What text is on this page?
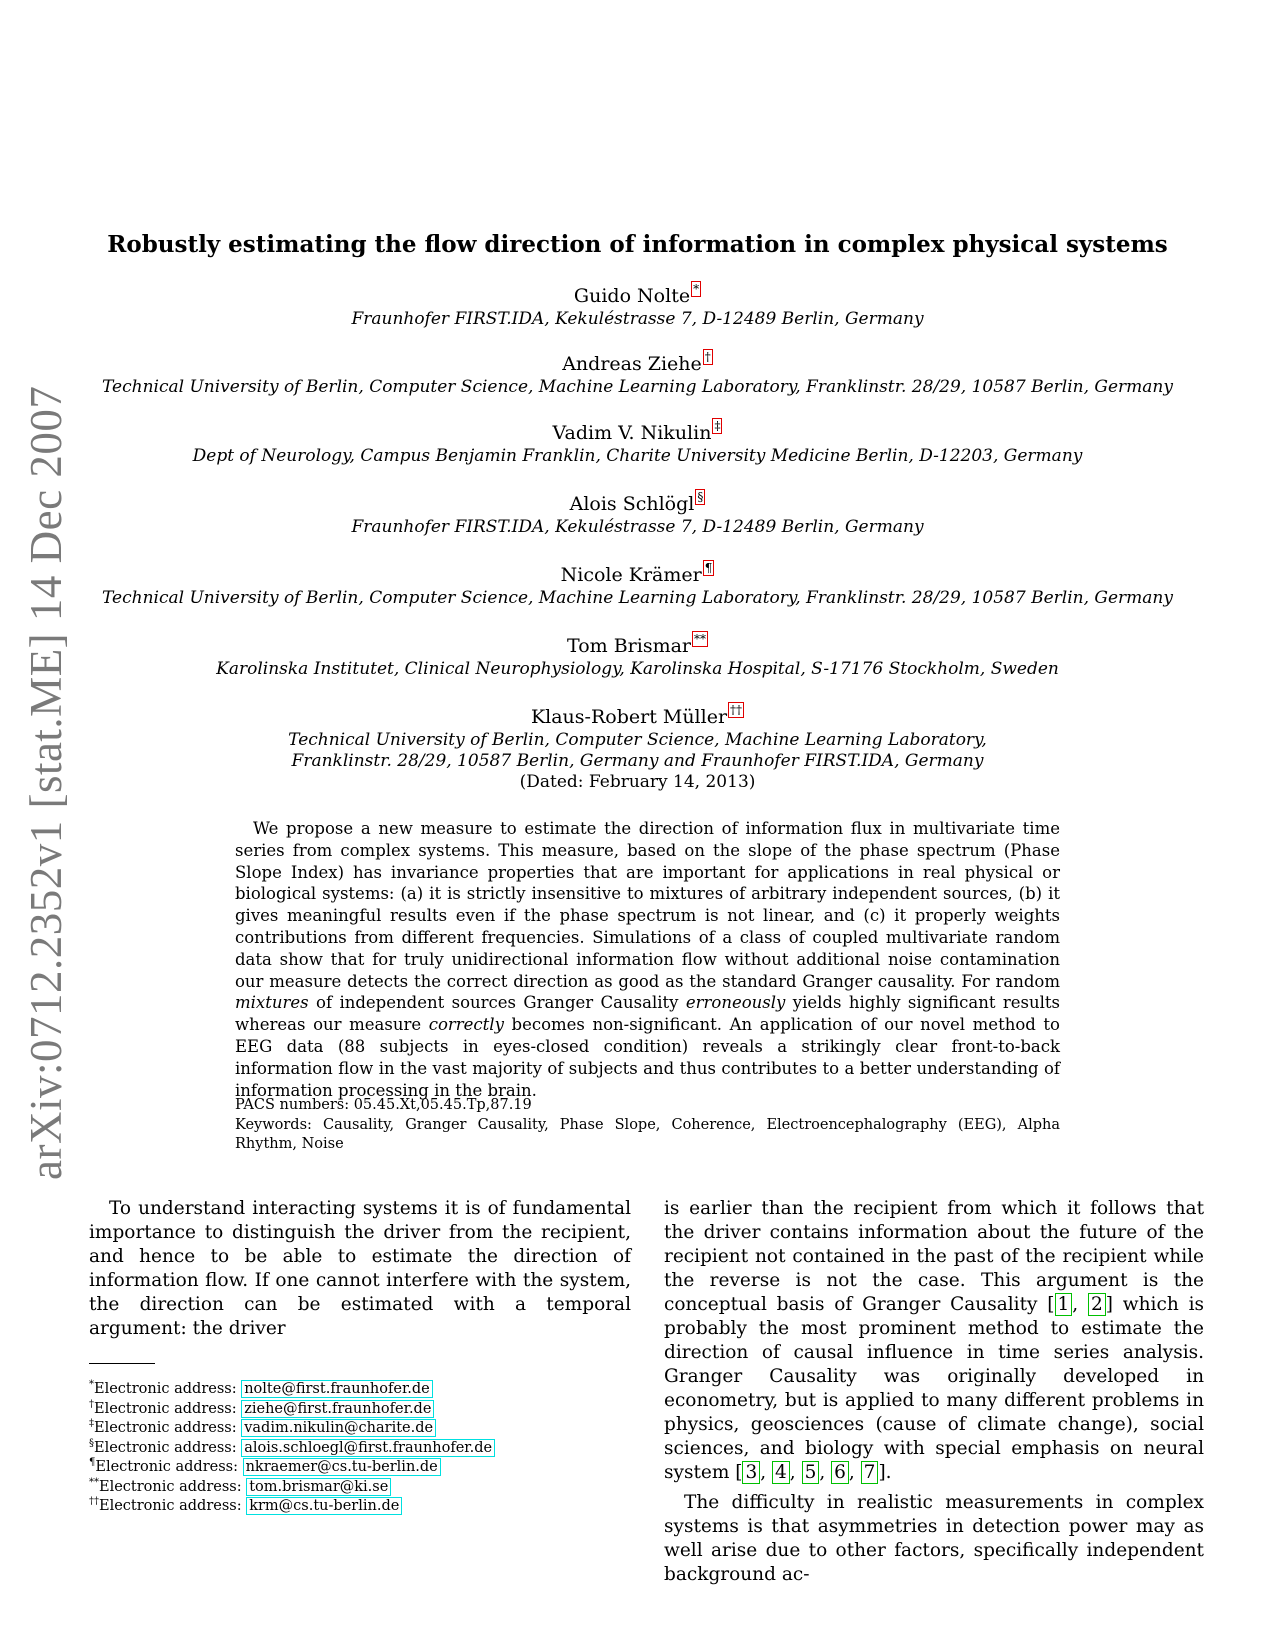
arXiv:0712.2352v1 [stat.ME] 14 Dec 2007
Robustly estimating the flow direction of information in complex physical systems
Guido Nolte *
Fraunhofer FIRST.IDA, Kekuléstrasse 7, D-12489 Berlin, Germany
Andreas Ziehe †
Technical University of Berlin, Computer Science, Machine Learning Laboratory, Franklinstr. 28/29, 10587 Berlin, Germany
Vadim V. Nikulin ‡
Dept of Neurology, Campus Benjamin Franklin, Charite University Medicine Berlin, D-12203, Germany
Alois Schlögl §
Fraunhofer FIRST.IDA, Kekuléstrasse 7, D-12489 Berlin, Germany
Nicole Krämer ¶
Technical University of Berlin, Computer Science, Machine Learning Laboratory, Franklinstr. 28/29, 10587 Berlin, Germany
Tom Brismar **
Karolinska Institutet, Clinical Neurophysiology, Karolinska Hospital, S-17176 Stockholm, Sweden
Klaus-Robert Müller ††
Technical University of Berlin, Computer Science, Machine Learning Laboratory,
Franklinstr. 28/29, 10587 Berlin, Germany and Fraunhofer FIRST.IDA, Germany
(Dated: February 14, 2013)
We propose a new measure to estimate the direction of information flux in multivariate time series from complex systems. This measure, based on the slope of the phase spectrum (Phase Slope Index) has invariance properties that are important for applications in real physical or biological systems: (a) it is strictly insensitive to mixtures of arbitrary independent sources, (b) it gives meaningful results even if the phase spectrum is not linear, and (c) it properly weights contributions from different frequencies. Simulations of a class of coupled multivariate random data show that for truly unidirectional information flow without additional noise contamination our measure detects the correct direction as good as the standard Granger causality. For random mixtures of independent sources Granger Causality erroneously yields highly significant results whereas our measure correctly becomes non-significant. An application of our novel method to EEG data (88 subjects in eyes-closed condition) reveals a strikingly clear front-to-back information flow in the vast majority of subjects and thus contributes to a better understanding of information processing in the brain.
PACS numbers: 05.45.Xt,05.45.Tp,87.19
Keywords: Causality, Granger Causality, Phase Slope, Coherence, Electroencephalography (EEG), Alpha Rhythm, Noise
To understand interacting systems it is of fundamental importance to distinguish the driver from the recipient, and hence to be able to estimate the direction of information flow. If one cannot interfere with the system, the direction can be estimated with a temporal argument: the driver

is earlier than the recipient from which it follows that the driver contains information about the future of the recipient not contained in the past of the recipient while the reverse is not the case. This argument is the conceptual basis of Granger Causality [ 1 , 2 ] which is probably the most prominent method to estimate the direction of causal influence in time series analysis. Granger Causality was originally developed in econometry, but is applied to many different problems in physics, geosciences (cause of climate change), social sciences, and biology with special emphasis on neural system [ 3 , 4 , 5 , 6 , 7 ].

The difficulty in realistic measurements in complex systems is that asymmetries in detection power may as well arise due to other factors, specifically independent background ac-

*Electronic address: nolte@first.fraunhofer.de
†Electronic address: ziehe@first.fraunhofer.de
‡Electronic address: vadim.nikulin@charite.de
§Electronic address: alois.schloegl@first.fraunhofer.de
¶Electronic address: nkraemer@cs.tu-berlin.de
**Electronic address: tom.brismar@ki.se
††Electronic address: krm@cs.tu-berlin.de
